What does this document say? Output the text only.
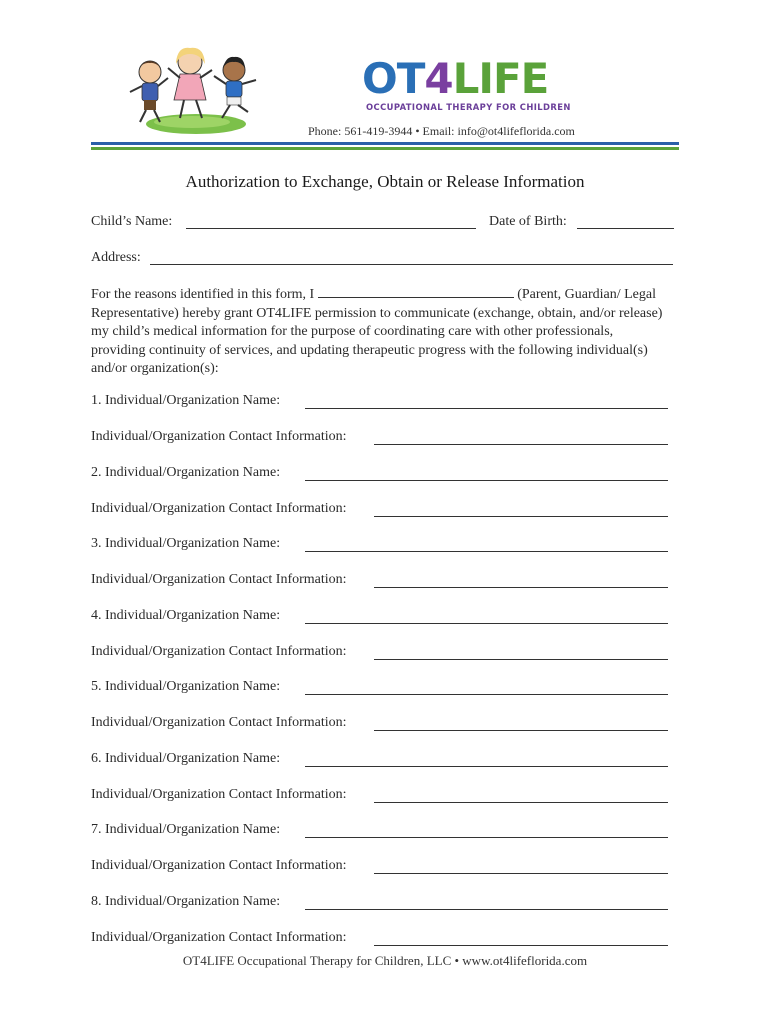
OT4LIFE
OCCUPATIONAL THERAPY FOR CHILDREN
Phone: 561-419-3944 • Email: info@ot4lifeflorida.com
Authorization to Exchange, Obtain or Release Information
Child’s Name:	Date of Birth:
Address:
For the reasons identified in this form, I	(Parent, Guardian/ Legal Representative) hereby grant OT4LIFE permission to communicate (exchange, obtain, and/or release) my child’s medical information for the purpose of coordinating care with other professionals, providing continuity of services, and updating therapeutic progress with the following individual(s) and/or organization(s):
1. Individual/Organization Name:
Individual/Organization Contact Information:
2. Individual/Organization Name:
Individual/Organization Contact Information:
3. Individual/Organization Name:
Individual/Organization Contact Information:
4. Individual/Organization Name:
Individual/Organization Contact Information:
5. Individual/Organization Name:
Individual/Organization Contact Information:
6. Individual/Organization Name:
Individual/Organization Contact Information:
7. Individual/Organization Name:
Individual/Organization Contact Information:
8. Individual/Organization Name:
Individual/Organization Contact Information:
OT4LIFE Occupational Therapy for Children, LLC • www.ot4lifeflorida.com
